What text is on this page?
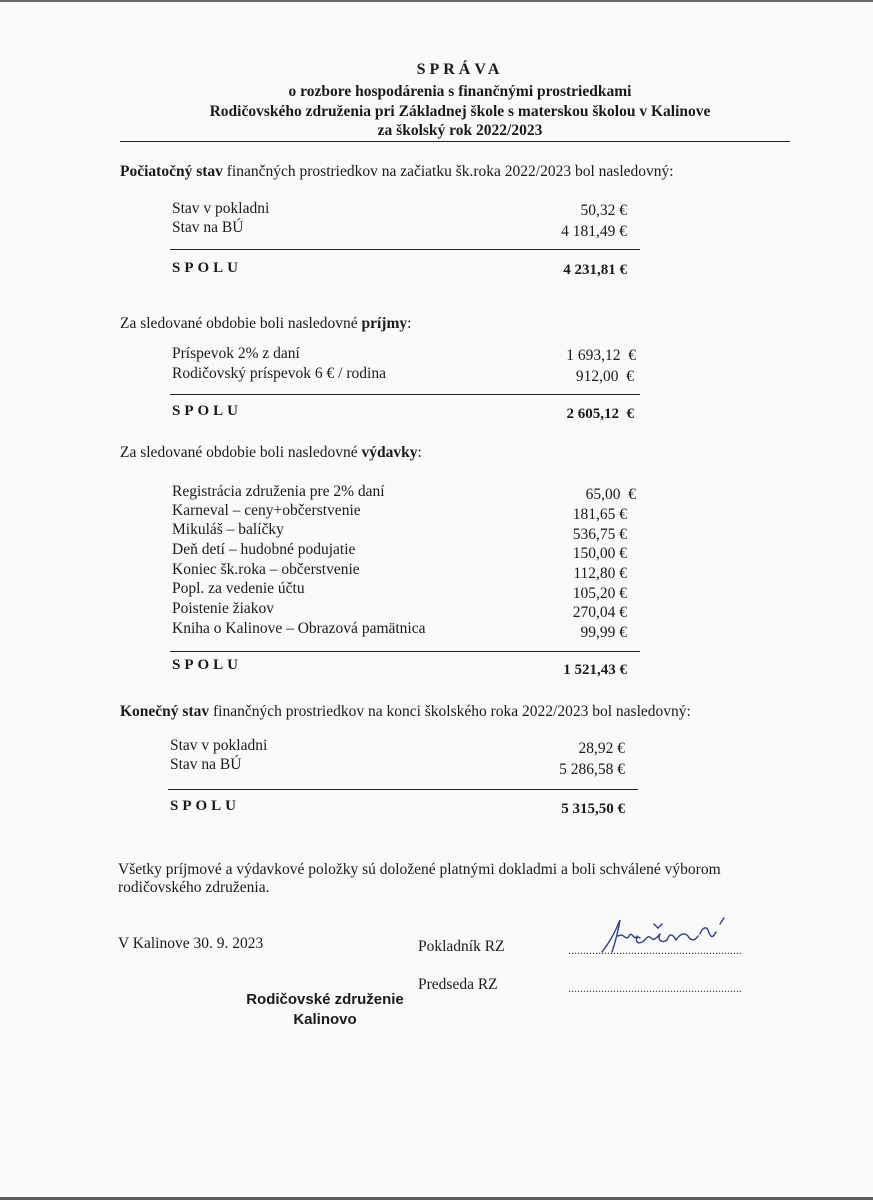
SPRÁVA
o rozbore hospodárenia s finančnými prostriedkami
Rodičovského združenia pri Základnej škole s materskou školou v Kalinove
za školský rok 2022/2023
Počiatočný stav finančných prostriedkov na začiatku šk.roka 2022/2023 bol nasledovný:
Stav v pokladni	50,32 €
Stav na BÚ	4 181,49 €
SPOLU	4 231,81 €
Za sledované obdobie boli nasledovné príjmy:
Príspevok 2% z daní	1 693,12  €
Rodičovský príspevok 6 € / rodina	912,00  €
SPOLU	2 605,12  €
Za sledované obdobie boli nasledovné výdavky:
Registrácia združenia pre 2% daní	65,00  €
Karneval – ceny+občerstvenie	181,65 €
Mikuláš – balíčky	536,75 €
Deň detí – hudobné podujatie	150,00 €
Koniec šk.roka – občerstvenie	112,80 €
Popl. za vedenie účtu	105,20 €
Poistenie žiakov	270,04 €
Kniha o Kalinove – Obrazová pamätnica	99,99 €
SPOLU	1 521,43 €
Konečný stav finančných prostriedkov na konci školského roka 2022/2023 bol nasledovný:
Stav v pokladni	28,92 €
Stav na BÚ	5 286,58 €
SPOLU	5 315,50 €
Všetky príjmové a výdavkové položky sú doložené platnými dokladmi a boli schválené výborom
rodičovského združenia.
V Kalinove 30. 9. 2023	Pokladník RZ	..........................................................
Predseda RZ	..........................................................
Rodičovské združenie
Kalinovo
